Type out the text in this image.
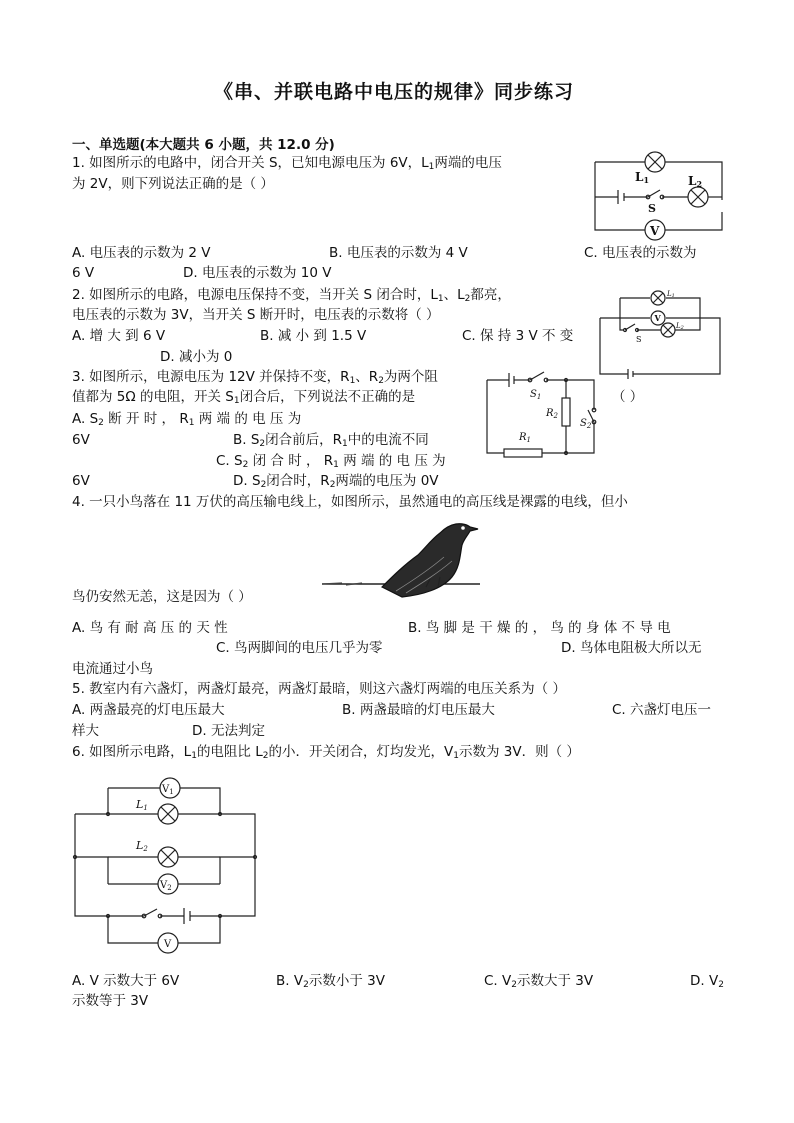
《串、并联电路中电压的规律》同步练习
一、单选题(本大题共 6 小题，共 12.0 分)
1. 如图所示的电路中，闭合开关 S，已知电源电压为 6V，$L_1$两端的电压
为 2V，则下列说法正确的是（ ）
A. 电压表的示数为 2 V	B. 电压表的示数为 4 V	C. 电压表的示数为
6 V	D. 电压表的示数为 10 V
V
L1	L2
S
2. 如图所示的电路，电源电压保持不变，当开关 S 闭合时，$L_1$、$L_2$都亮，
电压表的示数为 3V，当开关 S 断开时，电压表的示数将（ ）
A. 增 大 到 6 V	B. 减 小 到 1.5 V	C. 保 持 3 V 不 变
D. 减小为 0
L1
V
L2
S
3. 如图所示，电源电压为 12V 并保持不变，$R_1$、$R_2$为两个阻
值都为 5Ω 的电阻，开关 $S_1$闭合后，下列说法不正确的是	（ ）
A. $S_2$ 断 开 时 ， $R_1$ 两 端 的 电 压 为
6V	B. $S_2$闭合前后，$R_1$中的电流不同
C. $S_2$ 闭 合 时 ， $R_1$ 两 端 的 电 压 为
6V	D. $S_2$闭合时，$R_2$两端的电压为 0V
$S_1$
$R_2$
$S_2$
$R_1$
4. 一只小鸟落在 11 万伏的高压输电线上，如图所示，虽然通电的高压线是裸露的电线，但小
鸟仍安然无恙，这是因为（ ）
A. 鸟 有 耐 高 压 的 天 性	B. 鸟 脚 是 干 燥 的 ， 鸟 的 身 体 不 导 电
C. 鸟两脚间的电压几乎为零	D. 鸟体电阻极大所以无
电流通过小鸟
5. 教室内有六盏灯，两盏灯最亮，两盏灯最暗，则这六盏灯两端的电压关系为（ ）
A. 两盏最亮的灯电压最大	B. 两盏最暗的灯电压最大	C. 六盏灯电压一
样大	D. 无法判定
6. 如图所示电路，$L_1$的电阻比 $L_2$的小．开关闭合，灯均发光，$V_1$示数为 3V．则（ ）
$V_1$
L1
L2
$V_2$
V
A. V 示数大于 6V	B. $V_2$示数小于 3V	C. $V_2$示数大于 3V	D. $V_2$
示数等于 3V
